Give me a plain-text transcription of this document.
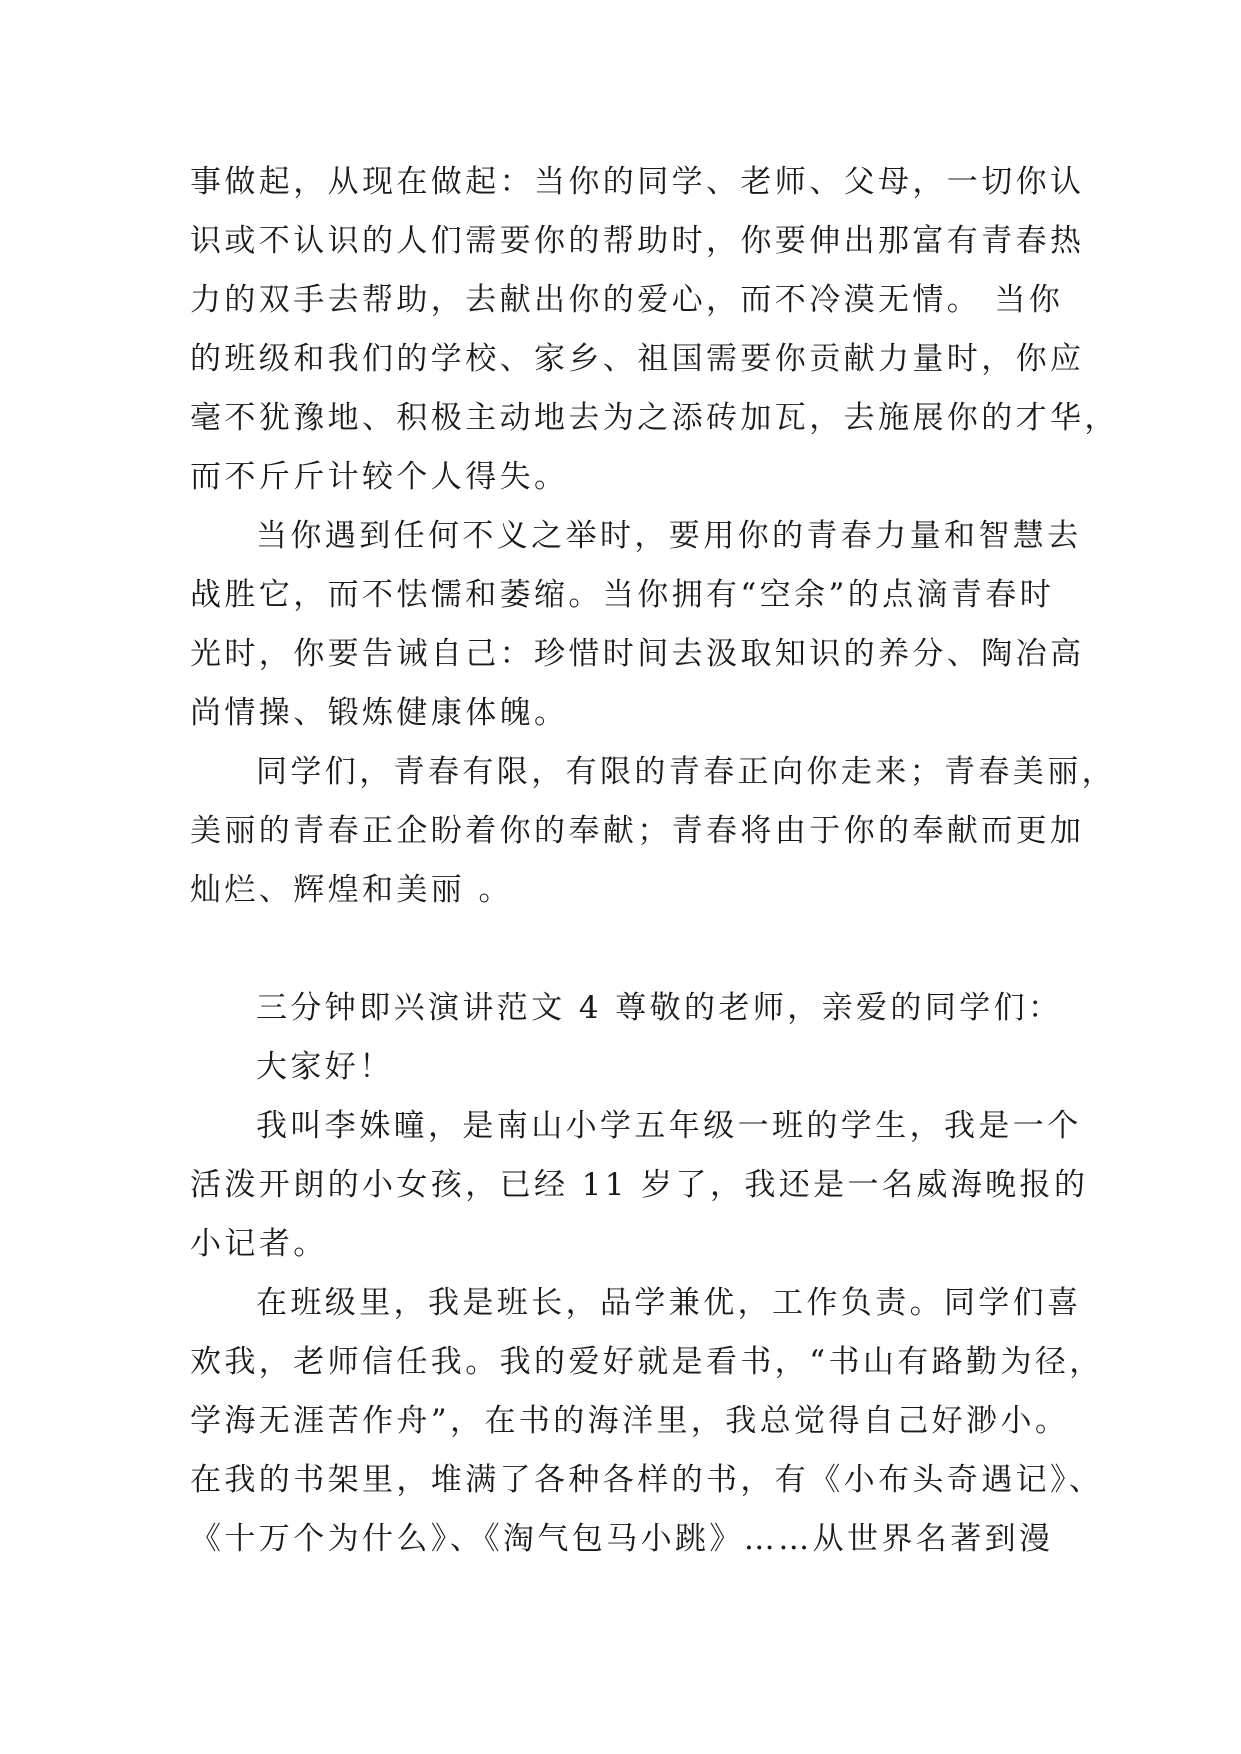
事做起，从现在做起：当你的同学、老师、父母，一切你认
识或不认识的人们需要你的帮助时，你要伸出那富有青春热
力的双手去帮助，去献出你的爱心，而不冷漠无情。 当你
的班级和我们的学校、家乡、祖国需要你贡献力量时，你应
毫不犹豫地、积极主动地去为之添砖加瓦，去施展你的才华，
而不斤斤计较个人得失。
当你遇到任何不义之举时，要用你的青春力量和智慧去
战胜它，而不怯懦和萎缩。当你拥有“空余”的点滴青春时
光时，你要告诫自己：珍惜时间去汲取知识的养分、陶冶高
尚情操、锻炼健康体魄。
同学们，青春有限，有限的青春正向你走来；青春美丽，
美丽的青春正企盼着你的奉献；青春将由于你的奉献而更加
灿烂、辉煌和美丽 。
三分钟即兴演讲范文 4 尊敬的老师，亲爱的同学们：
大家好！
我叫李姝曈，是南山小学五年级一班的学生，我是一个
活泼开朗的小女孩，已经 11 岁了，我还是一名威海晚报的
小记者。
在班级里，我是班长，品学兼优，工作负责。同学们喜
欢我，老师信任我。我的爱好就是看书，“书山有路勤为径，
学海无涯苦作舟”，在书的海洋里，我总觉得自己好渺小。
在我的书架里，堆满了各种各样的书，有《小布头奇遇记》、
《十万个为什么》、《淘气包马小跳》……从世界名著到漫
